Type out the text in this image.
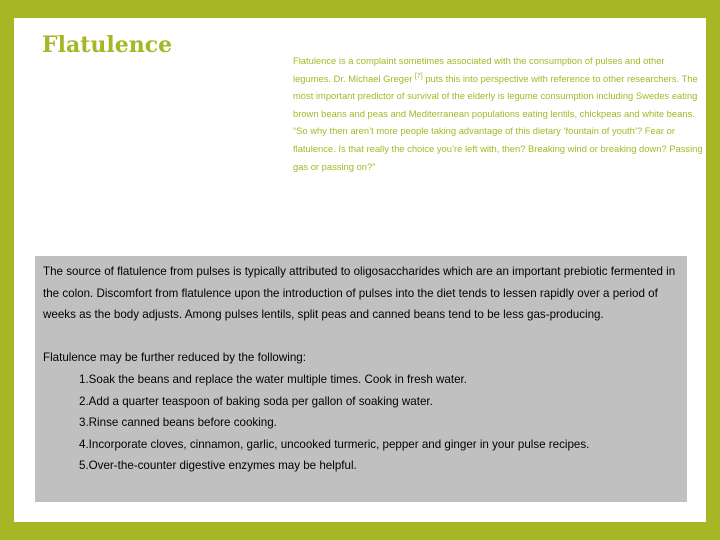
Flatulence

Flatulence is a complaint sometimes associated with the consumption of pulses and other legumes. Dr. Michael Greger [7] puts this into perspective with reference to other researchers. The most important predictor of survival of the elderly is legume consumption including Swedes eating brown beans and peas and Mediterranean populations eating lentils, chickpeas and white beans. “So why then aren’t more people taking advantage of this dietary ‘fountain of youth’? Fear or flatulence. Is that really the choice you’re left with, then? Breaking wind or breaking down? Passing gas or passing on?”

The source of flatulence from pulses is typically attributed to oligosaccharides which are an important prebiotic fermented in the colon. Discomfort from flatulence upon the introduction of pulses into the diet tends to lessen rapidly over a period of weeks as the body adjusts. Among pulses lentils, split peas and canned beans tend to be less gas-producing.

Flatulence may be further reduced by the following:

1.Soak the beans and replace the water multiple times. Cook in fresh water.
2.Add a quarter teaspoon of baking soda per gallon of soaking water.
3.Rinse canned beans before cooking.
4.Incorporate cloves, cinnamon, garlic, uncooked turmeric, pepper and ginger in your pulse recipes.
5.Over-the-counter digestive enzymes may be helpful.
